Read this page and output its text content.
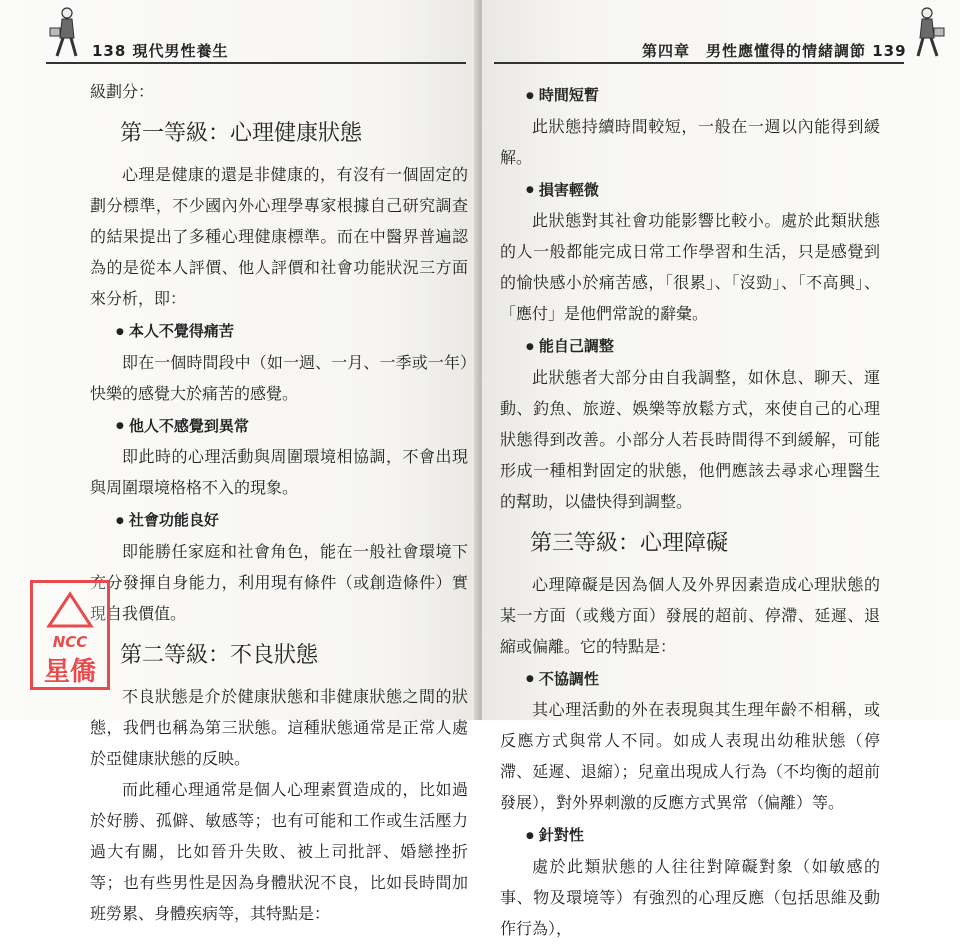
138 現代男性養生

級劃分：

第一等級：心理健康狀態

心理是健康的還是非健康的，有沒有一個固定的劃分標準，不少國內外心理學專家根據自己研究調查的結果提出了多種心理健康標準。而在中醫界普遍認為的是從本人評價、他人評價和社會功能狀況三方面來分析，即：

● 本人不覺得痛苦

即在一個時間段中（如一週、一月、一季或一年）快樂的感覺大於痛苦的感覺。

● 他人不感覺到異常

即此時的心理活動與周圍環境相協調，不會出現與周圍環境格格不入的現象。

● 社會功能良好

即能勝任家庭和社會角色，能在一般社會環境下充分發揮自身能力，利用現有條件（或創造條件）實現自我價值。

第二等級：不良狀態

不良狀態是介於健康狀態和非健康狀態之間的狀態，我們也稱為第三狀態。這種狀態通常是正常人處於亞健康狀態的反映。

而此種心理通常是個人心理素質造成的，比如過於好勝、孤僻、敏感等；也有可能和工作或生活壓力過大有關，比如晉升失敗、被上司批評、婚戀挫折等；也有些男性是因為身體狀況不良，比如長時間加班勞累、身體疾病等，其特點是：

第四章　男性應懂得的情緒調節 139
● 時間短暫

此狀態持續時間較短，一般在一週以內能得到緩解。

● 損害輕微

此狀態對其社會功能影響比較小。處於此類狀態的人一般都能完成日常工作學習和生活，只是感覺到的愉快感小於痛苦感，「很累」、「沒勁」、「不高興」、「應付」是他們常說的辭彙。

● 能自己調整

此狀態者大部分由自我調整，如休息、聊天、運動、釣魚、旅遊、娛樂等放鬆方式，來使自己的心理狀態得到改善。小部分人若長時間得不到緩解，可能形成一種相對固定的狀態，他們應該去尋求心理醫生的幫助，以儘快得到調整。

第三等級：心理障礙

心理障礙是因為個人及外界因素造成心理狀態的某一方面（或幾方面）發展的超前、停滯、延遲、退縮或偏離。它的特點是：

● 不協調性

其心理活動的外在表現與其生理年齡不相稱，或反應方式與常人不同。如成人表現出幼稚狀態（停滯、延遲、退縮）；兒童出現成人行為（不均衡的超前發展），對外界刺激的反應方式異常（偏離）等。

● 針對性

處於此類狀態的人往往對障礙對象（如敏感的事、物及環境等）有強烈的心理反應（包括思維及動作行為），

NCC
星僑
